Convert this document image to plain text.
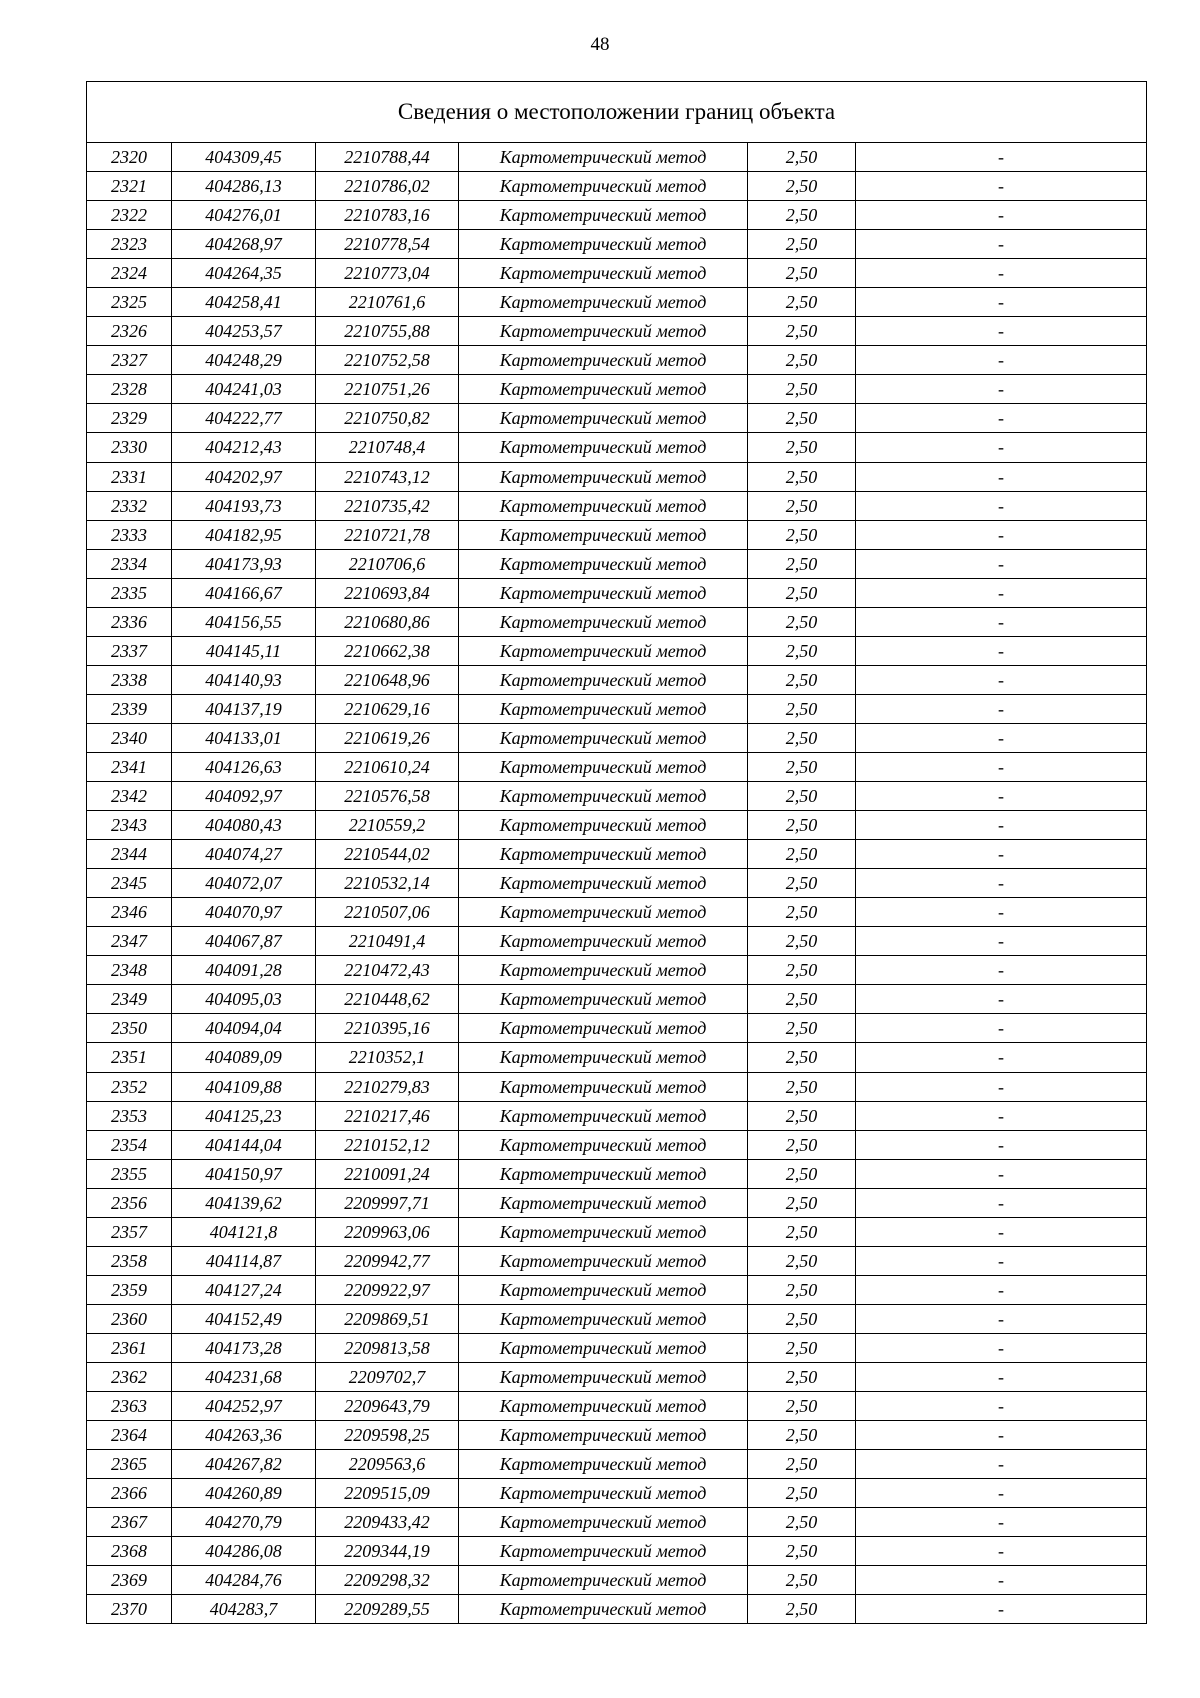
48
Сведения о местоположении границ объекта					
2320	404309,45	2210788,44	Картометрический метод	2,50	-
2321	404286,13	2210786,02	Картометрический метод	2,50	-
2322	404276,01	2210783,16	Картометрический метод	2,50	-
2323	404268,97	2210778,54	Картометрический метод	2,50	-
2324	404264,35	2210773,04	Картометрический метод	2,50	-
2325	404258,41	2210761,6	Картометрический метод	2,50	-
2326	404253,57	2210755,88	Картометрический метод	2,50	-
2327	404248,29	2210752,58	Картометрический метод	2,50	-
2328	404241,03	2210751,26	Картометрический метод	2,50	-
2329	404222,77	2210750,82	Картометрический метод	2,50	-
2330	404212,43	2210748,4	Картометрический метод	2,50	-
2331	404202,97	2210743,12	Картометрический метод	2,50	-
2332	404193,73	2210735,42	Картометрический метод	2,50	-
2333	404182,95	2210721,78	Картометрический метод	2,50	-
2334	404173,93	2210706,6	Картометрический метод	2,50	-
2335	404166,67	2210693,84	Картометрический метод	2,50	-
2336	404156,55	2210680,86	Картометрический метод	2,50	-
2337	404145,11	2210662,38	Картометрический метод	2,50	-
2338	404140,93	2210648,96	Картометрический метод	2,50	-
2339	404137,19	2210629,16	Картометрический метод	2,50	-
2340	404133,01	2210619,26	Картометрический метод	2,50	-
2341	404126,63	2210610,24	Картометрический метод	2,50	-
2342	404092,97	2210576,58	Картометрический метод	2,50	-
2343	404080,43	2210559,2	Картометрический метод	2,50	-
2344	404074,27	2210544,02	Картометрический метод	2,50	-
2345	404072,07	2210532,14	Картометрический метод	2,50	-
2346	404070,97	2210507,06	Картометрический метод	2,50	-
2347	404067,87	2210491,4	Картометрический метод	2,50	-
2348	404091,28	2210472,43	Картометрический метод	2,50	-
2349	404095,03	2210448,62	Картометрический метод	2,50	-
2350	404094,04	2210395,16	Картометрический метод	2,50	-
2351	404089,09	2210352,1	Картометрический метод	2,50	-
2352	404109,88	2210279,83	Картометрический метод	2,50	-
2353	404125,23	2210217,46	Картометрический метод	2,50	-
2354	404144,04	2210152,12	Картометрический метод	2,50	-
2355	404150,97	2210091,24	Картометрический метод	2,50	-
2356	404139,62	2209997,71	Картометрический метод	2,50	-
2357	404121,8	2209963,06	Картометрический метод	2,50	-
2358	404114,87	2209942,77	Картометрический метод	2,50	-
2359	404127,24	2209922,97	Картометрический метод	2,50	-
2360	404152,49	2209869,51	Картометрический метод	2,50	-
2361	404173,28	2209813,58	Картометрический метод	2,50	-
2362	404231,68	2209702,7	Картометрический метод	2,50	-
2363	404252,97	2209643,79	Картометрический метод	2,50	-
2364	404263,36	2209598,25	Картометрический метод	2,50	-
2365	404267,82	2209563,6	Картометрический метод	2,50	-
2366	404260,89	2209515,09	Картометрический метод	2,50	-
2367	404270,79	2209433,42	Картометрический метод	2,50	-
2368	404286,08	2209344,19	Картометрический метод	2,50	-
2369	404284,76	2209298,32	Картометрический метод	2,50	-
2370	404283,7	2209289,55	Картометрический метод	2,50	-
